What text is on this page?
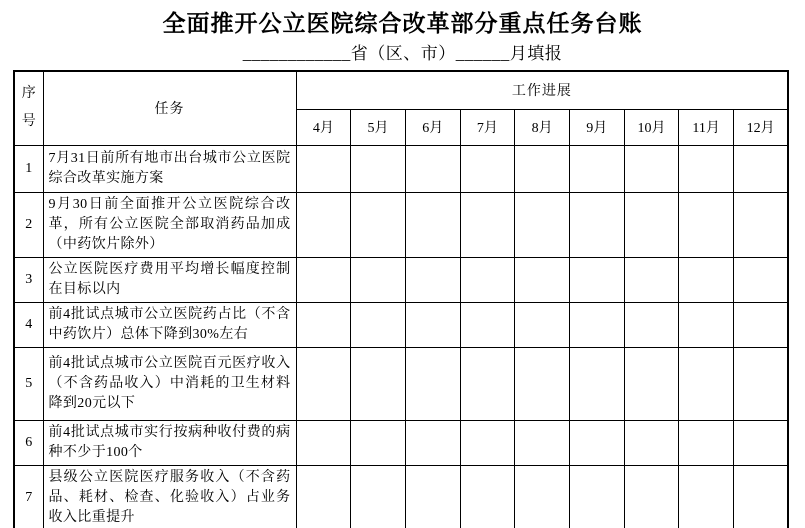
全面推开公立医院综合改革部分重点任务台账
____________省（区、市）______月填报
序号	任务	工作进展								
		4月	5月	6月	7月	8月	9月	10月	11月	12月
1	7月31日前所有地市出台城市公立医院综合改革实施方案									
2	9月30日前全面推开公立医院综合改革，所有公立医院全部取消药品加成（中药饮片除外）									
3	公立医院医疗费用平均增长幅度控制在目标以内									
4	前4批试点城市公立医院药占比（不含中药饮片）总体下降到30%左右									
5	前4批试点城市公立医院百元医疗收入（不含药品收入）中消耗的卫生材料降到20元以下									
6	前4批试点城市实行按病种收付费的病种不少于100个									
7	县级公立医院医疗服务收入（不含药品、耗材、检查、化验收入）占业务收入比重提升									
